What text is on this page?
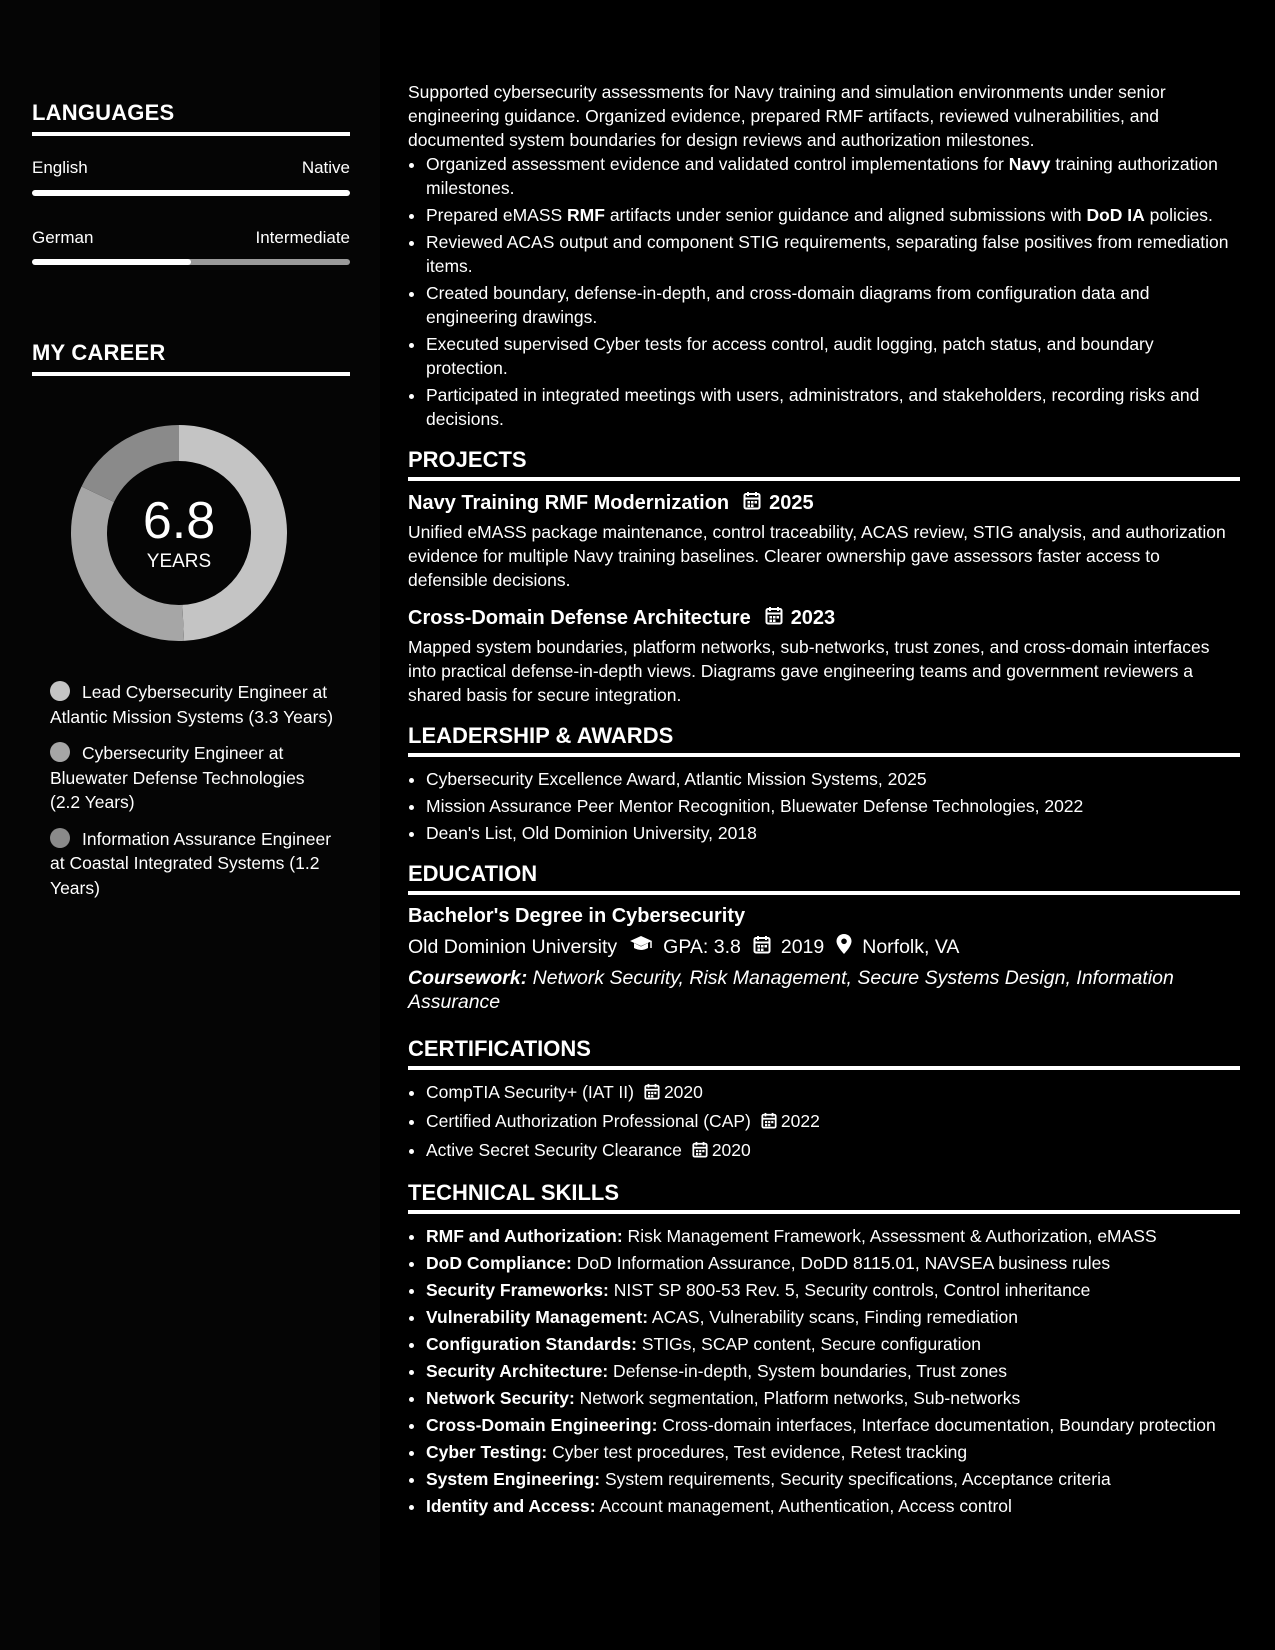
LANGUAGES
English	Native
German	Intermediate
MY CAREER
6.8
YEARS
Lead Cybersecurity Engineer at Atlantic Mission Systems (3.3 Years)
Cybersecurity Engineer at Bluewater Defense Technologies (2.2 Years)
Information Assurance Engineer at Coastal Integrated Systems (1.2 Years)

Supported cybersecurity assessments for Navy training and simulation environments under senior engineering guidance. Organized evidence, prepared RMF artifacts, reviewed vulnerabilities, and documented system boundaries for design reviews and authorization milestones.

• Organized assessment evidence and validated control implementations for Navy training authorization milestones.
• Prepared eMASS RMF artifacts under senior guidance and aligned submissions with DoD IA policies.
• Reviewed ACAS output and component STIG requirements, separating false positives from remediation items.
• Created boundary, defense-in-depth, and cross-domain diagrams from configuration data and engineering drawings.
• Executed supervised Cyber tests for access control, audit logging, patch status, and boundary protection.
• Participated in integrated meetings with users, administrators, and stakeholders, recording risks and decisions.
PROJECTS
Navy Training RMF Modernization 2025

Unified eMASS package maintenance, control traceability, ACAS review, STIG analysis, and authorization evidence for multiple Navy training baselines. Clearer ownership gave assessors faster access to defensible decisions.

Cross-Domain Defense Architecture 2023

Mapped system boundaries, platform networks, sub-networks, trust zones, and cross-domain interfaces into practical defense-in-depth views. Diagrams gave engineering teams and government reviewers a shared basis for secure integration.

LEADERSHIP & AWARDS
• Cybersecurity Excellence Award, Atlantic Mission Systems, 2025
• Mission Assurance Peer Mentor Recognition, Bluewater Defense Technologies, 2022
• Dean's List, Old Dominion University, 2018
EDUCATION
Bachelor's Degree in Cybersecurity
Old Dominion University GPA: 3.8 2019 Norfolk, VA
Coursework: Network Security, Risk Management, Secure Systems Design, Information Assurance
CERTIFICATIONS
• CompTIA Security+ (IAT II) 2020
• Certified Authorization Professional (CAP) 2022
• Active Secret Security Clearance 2020
TECHNICAL SKILLS
• RMF and Authorization: Risk Management Framework, Assessment & Authorization, eMASS
• DoD Compliance: DoD Information Assurance, DoDD 8115.01, NAVSEA business rules
• Security Frameworks: NIST SP 800-53 Rev. 5, Security controls, Control inheritance
• Vulnerability Management: ACAS, Vulnerability scans, Finding remediation
• Configuration Standards: STIGs, SCAP content, Secure configuration
• Security Architecture: Defense-in-depth, System boundaries, Trust zones
• Network Security: Network segmentation, Platform networks, Sub-networks
• Cross-Domain Engineering: Cross-domain interfaces, Interface documentation, Boundary protection
• Cyber Testing: Cyber test procedures, Test evidence, Retest tracking
• System Engineering: System requirements, Security specifications, Acceptance criteria
• Identity and Access: Account management, Authentication, Access control
